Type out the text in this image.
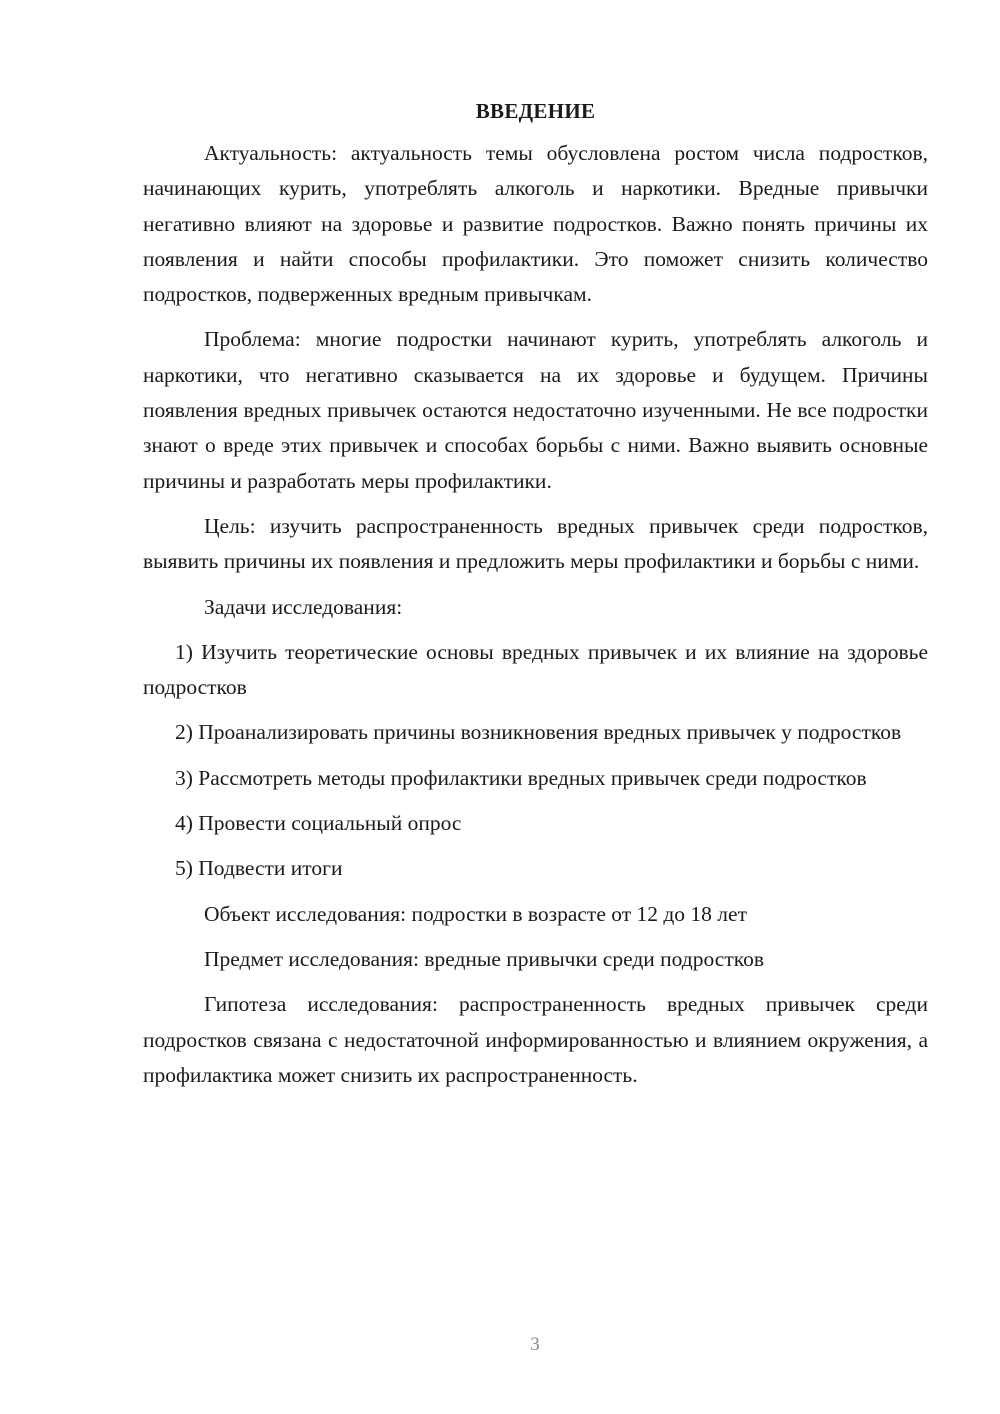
ВВЕДЕНИЕ

Актуальность: актуальность темы обусловлена ростом числа подростков, начинающих курить, употреблять алкоголь и наркотики. Вредные привычки негативно влияют на здоровье и развитие подростков. Важно понять причины их появления и найти способы профилактики. Это поможет снизить количество подростков, подверженных вредным привычкам.

Проблема: многие подростки начинают курить, употреблять алкоголь и наркотики, что негативно сказывается на их здоровье и будущем. Причины появления вредных привычек остаются недостаточно изученными. Не все подростки знают о вреде этих привычек и способах борьбы с ними. Важно выявить основные причины и разработать меры профилактики.

Цель: изучить распространенность вредных привычек среди подростков, выявить причины их появления и предложить меры профилактики и борьбы с ними.

Задачи исследования:

1) Изучить теоретические основы вредных привычек и их влияние на здоровье подростков

2) Проанализировать причины возникновения вредных привычек у подростков

3) Рассмотреть методы профилактики вредных привычек среди подростков

4) Провести социальный опрос

5) Подвести итоги

Объект исследования: подростки в возрасте от 12 до 18 лет

Предмет исследования: вредные привычки среди подростков

Гипотеза исследования: распространенность вредных привычек среди подростков связана с недостаточной информированностью и влиянием окружения, а профилактика может снизить их распространенность.

3
